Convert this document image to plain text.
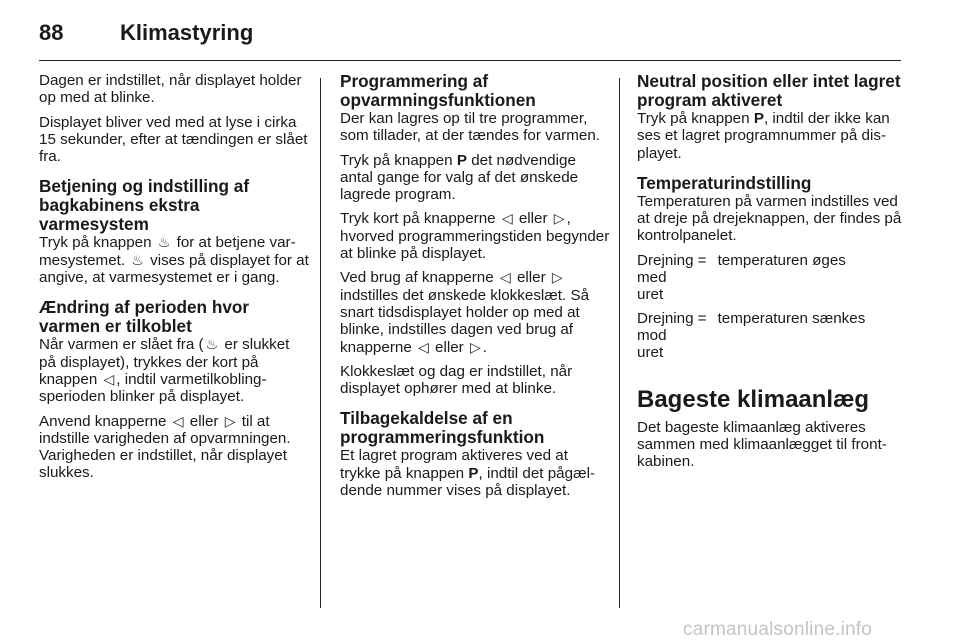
88	Klimastyring

Dagen er indstillet, når displayet holder op med at blinke.

Displayet bliver ved med at lyse i cirka 15 sekunder, efter at tændingen er slået fra.

Betjening og indstilling af bagkabinens ekstra varmesystem

Tryk på knappen ♨ for at betjene varmesystemet. ♨ vises på displayet for at angive, at varmesystemet er i gang.

Ændring af perioden hvor varmen er tilkoblet

Når varmen er slået fra ( ♨ er slukket på displayet), trykkes der kort på knappen ◁ , indtil varmetilkoblingsperioden blinker på displayet.

Anvend knapperne ◁ eller ▷ til at indstille varigheden af opvarmningen. Varigheden er indstillet, når displayet slukkes.

Programmering af opvarmningsfunktionen

Der kan lagres op til tre programmer, som tillader, at der tændes for varmen.

Tryk på knappen P det nødvendige antal gange for valg af det ønskede lagrede program.

Tryk kort på knapperne ◁ eller ▷ , hvorved programmeringstiden begynder at blinke på displayet.

Ved brug af knapperne ◁ eller ▷ indstilles det ønskede klokkeslæt. Så snart tidsdisplayet holder op med at blinke, indstilles dagen ved brug af knapperne ◁ eller ▷ .

Klokkeslæt og dag er indstillet, når displayet ophører med at blinke.

Tilbagekaldelse af en programmeringsfunktion

Et lagret program aktiveres ved at trykke på knappen P, indtil det pågældende nummer vises på displayet.

Neutral position eller intet lagret program aktiveret

Tryk på knappen P, indtil der ikke kan ses et lagret programnummer på displayet.

Temperaturindstilling

Temperaturen på varmen indstilles ved at dreje på drejeknappen, der findes på kontrolpanelet.

Drejning med uret	=	temperaturen øges
Drejning mod uret	=	temperaturen sænkes
Bageste klimaanlæg

Det bageste klimaanlæg aktiveres sammen med klimaanlægget til frontkabinen.

carmanualsonline.info
